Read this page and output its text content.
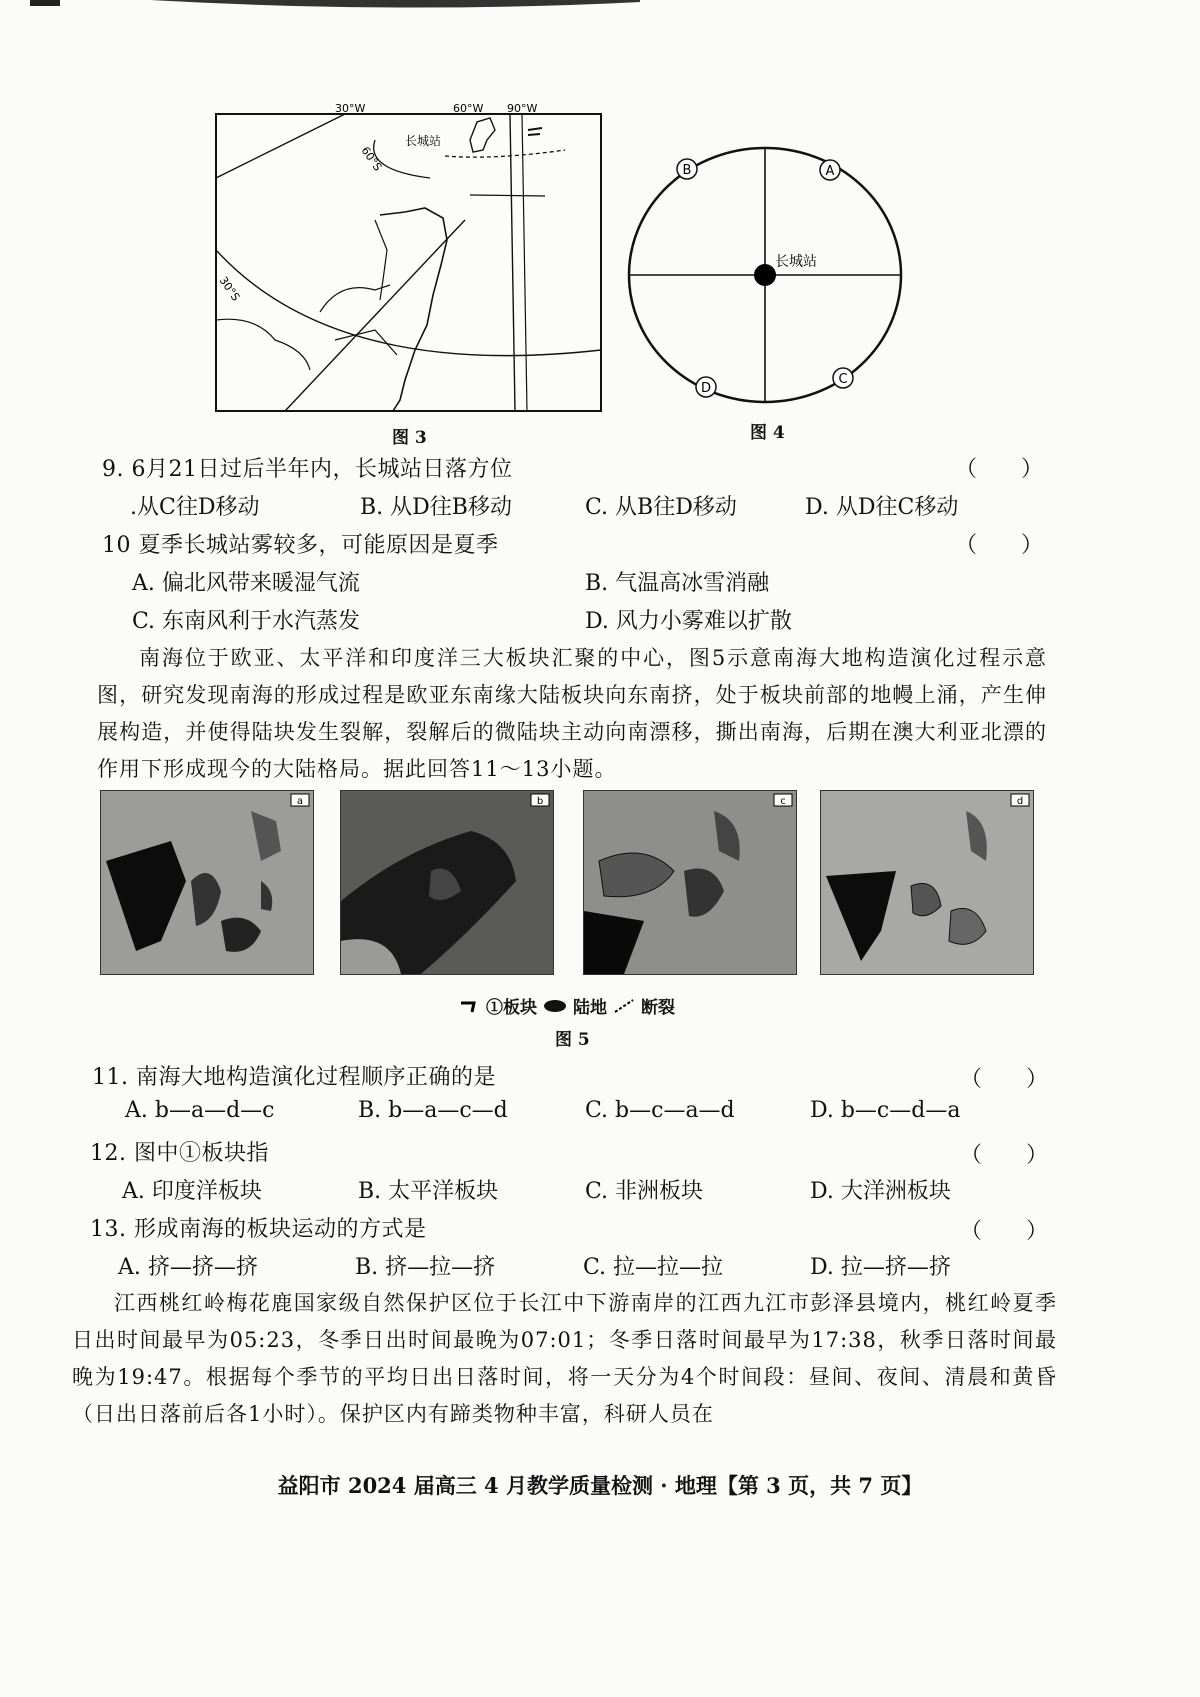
30°W	60°W 90°W
60°S
30°S
长城站
图 3
长城站
B	A
D
C
图 4
9. 6月21日过后半年内，长城站日落方位	（　　）
.从C往D移动	B. 从D往B移动	C. 从B往D移动	D. 从D往C移动
10 夏季长城站雾较多，可能原因是夏季	（　　）
A. 偏北风带来暖湿气流	B. 气温高冰雪消融
C. 东南风利于水汽蒸发	D. 风力小雾难以扩散
南海位于欧亚、太平洋和印度洋三大板块汇聚的中心，图5示意南海大地构造演化过程示意图，研究发现南海的形成过程是欧亚东南缘大陆板块向东南挤，处于板块前部的地幔上涌，产生伸展构造，并使得陆块发生裂解，裂解后的微陆块主动向南漂移，撕出南海，后期在澳大利亚北漂的作用下形成现今的大陆格局。据此回答11～13小题。
a	b	c	d
①板块 陆地 断裂
图 5
11. 南海大地构造演化过程顺序正确的是	（　　）
A. b—a—d—c	B. b—a—c—d	C. b—c—a—d	D. b—c—d—a
12. 图中①板块指	（　　）
A. 印度洋板块	B. 太平洋板块	C. 非洲板块	D. 大洋洲板块
13. 形成南海的板块运动的方式是	（　　）
A. 挤—挤—挤	B. 挤—拉—挤	C. 拉—拉—拉	D. 拉—挤—挤
江西桃红岭梅花鹿国家级自然保护区位于长江中下游南岸的江西九江市彭泽县境内，桃红岭夏季日出时间最早为05:23，冬季日出时间最晚为07:01；冬季日落时间最早为17:38，秋季日落时间最晚为19:47。根据每个季节的平均日出日落时间，将一天分为4个时间段：昼间、夜间、清晨和黄昏（日出日落前后各1小时）。保护区内有蹄类物种丰富，科研人员在
益阳市 2024 届高三 4 月教学质量检测 · 地理【第 3 页，共 7 页】
